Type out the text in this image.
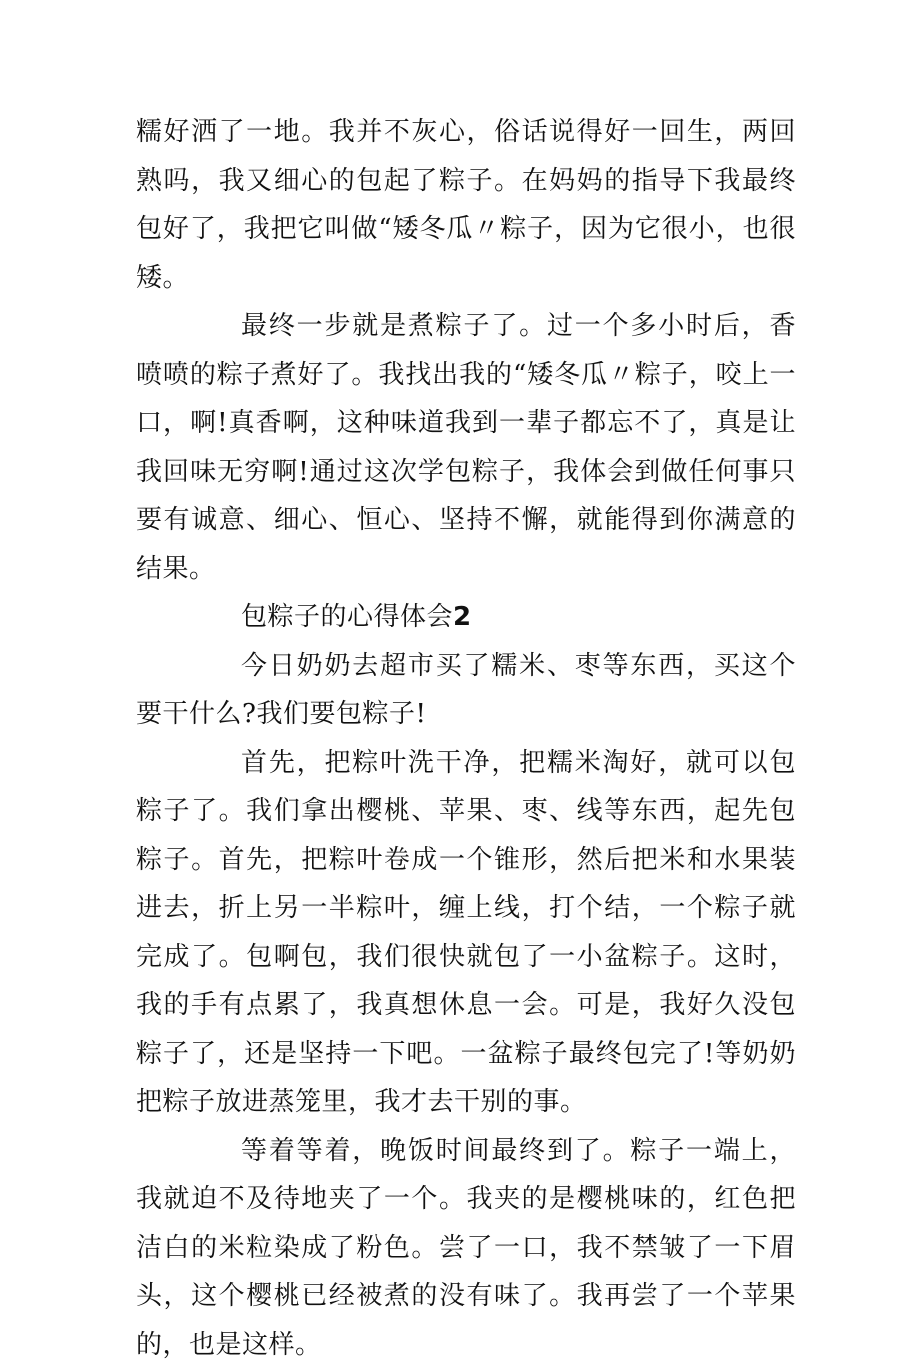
糯好洒了一地。我并不灰心，俗话说得好一回生，两回熟吗，我又细心的包起了粽子。在妈妈的指导下我最终包好了，我把它叫做“矮冬瓜〃粽子，因为它很小，也很矮。

最终一步就是煮粽子了。过一个多小时后，香喷喷的粽子煮好了。我找出我的“矮冬瓜〃粽子，咬上一口，啊!真香啊，这种味道我到一辈子都忘不了，真是让我回味无穷啊!通过这次学包粽子，我体会到做任何事只要有诚意、细心、恒心、坚持不懈，就能得到你满意的结果。

包粽子的心得体会2

今日奶奶去超市买了糯米、枣等东西，买这个要干什么?我们要包粽子!

首先，把粽叶洗干净，把糯米淘好，就可以包粽子了。我们拿出樱桃、苹果、枣、线等东西，起先包粽子。首先，把粽叶卷成一个锥形，然后把米和水果装进去，折上另一半粽叶，缠上线，打个结，一个粽子就完成了。包啊包，我们很快就包了一小盆粽子。这时，我的手有点累了，我真想休息一会。可是，我好久没包粽子了，还是坚持一下吧。一盆粽子最终包完了!等奶奶把粽子放进蒸笼里，我才去干别的事。

等着等着，晚饭时间最终到了。粽子一端上，我就迫不及待地夹了一个。我夹的是樱桃味的，红色把洁白的米粒染成了粉色。尝了一口，我不禁皱了一下眉头，这个樱桃已经被煮的没有味了。我再尝了一个苹果的，也是这样。
